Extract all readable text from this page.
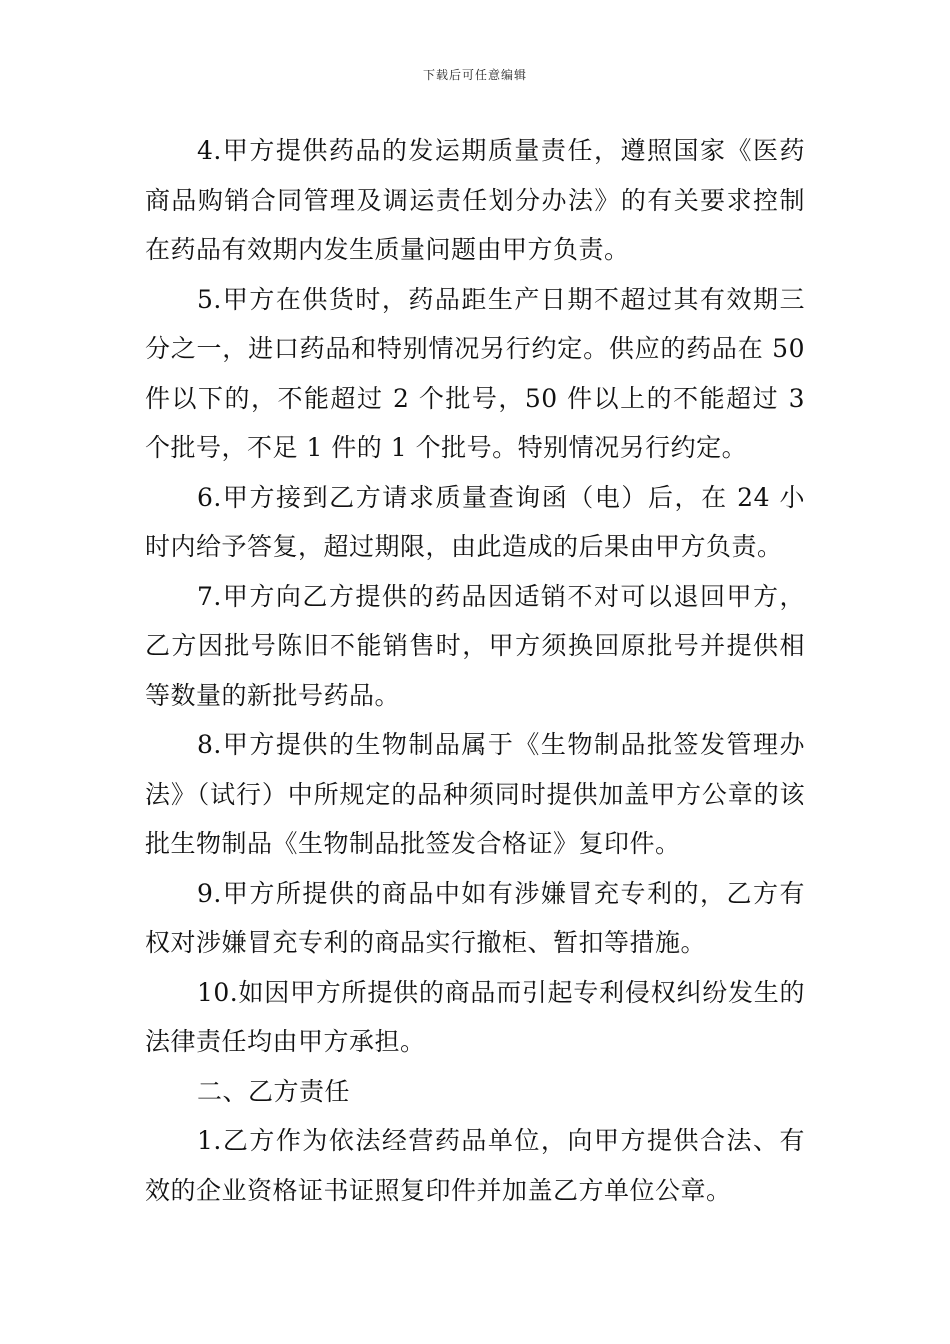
下载后可任意编辑

4.甲方提供药品的发运期质量责任，遵照国家《医药商品购销合同管理及调运责任划分办法》的有关要求控制在药品有效期内发生质量问题由甲方负责。

5.甲方在供货时，药品距生产日期不超过其有效期三分之一，进口药品和特别情况另行约定。供应的药品在 50 件以下的，不能超过 2 个批号，50 件以上的不能超过 3 个批号，不足 1 件的 1 个批号。特别情况另行约定。

6.甲方接到乙方请求质量查询函（电）后，在 24 小时内给予答复，超过期限，由此造成的后果由甲方负责。

7.甲方向乙方提供的药品因适销不对可以退回甲方，乙方因批号陈旧不能销售时，甲方须换回原批号并提供相等数量的新批号药品。

8.甲方提供的生物制品属于《生物制品批签发管理办法》（试行）中所规定的品种须同时提供加盖甲方公章的该批生物制品《生物制品批签发合格证》复印件。

9.甲方所提供的商品中如有涉嫌冒充专利的，乙方有权对涉嫌冒充专利的商品实行撤柜、暂扣等措施。

10.如因甲方所提供的商品而引起专利侵权纠纷发生的法律责任均由甲方承担。

二、乙方责任

1.乙方作为依法经营药品单位，向甲方提供合法、有效的企业资格证书证照复印件并加盖乙方单位公章。
